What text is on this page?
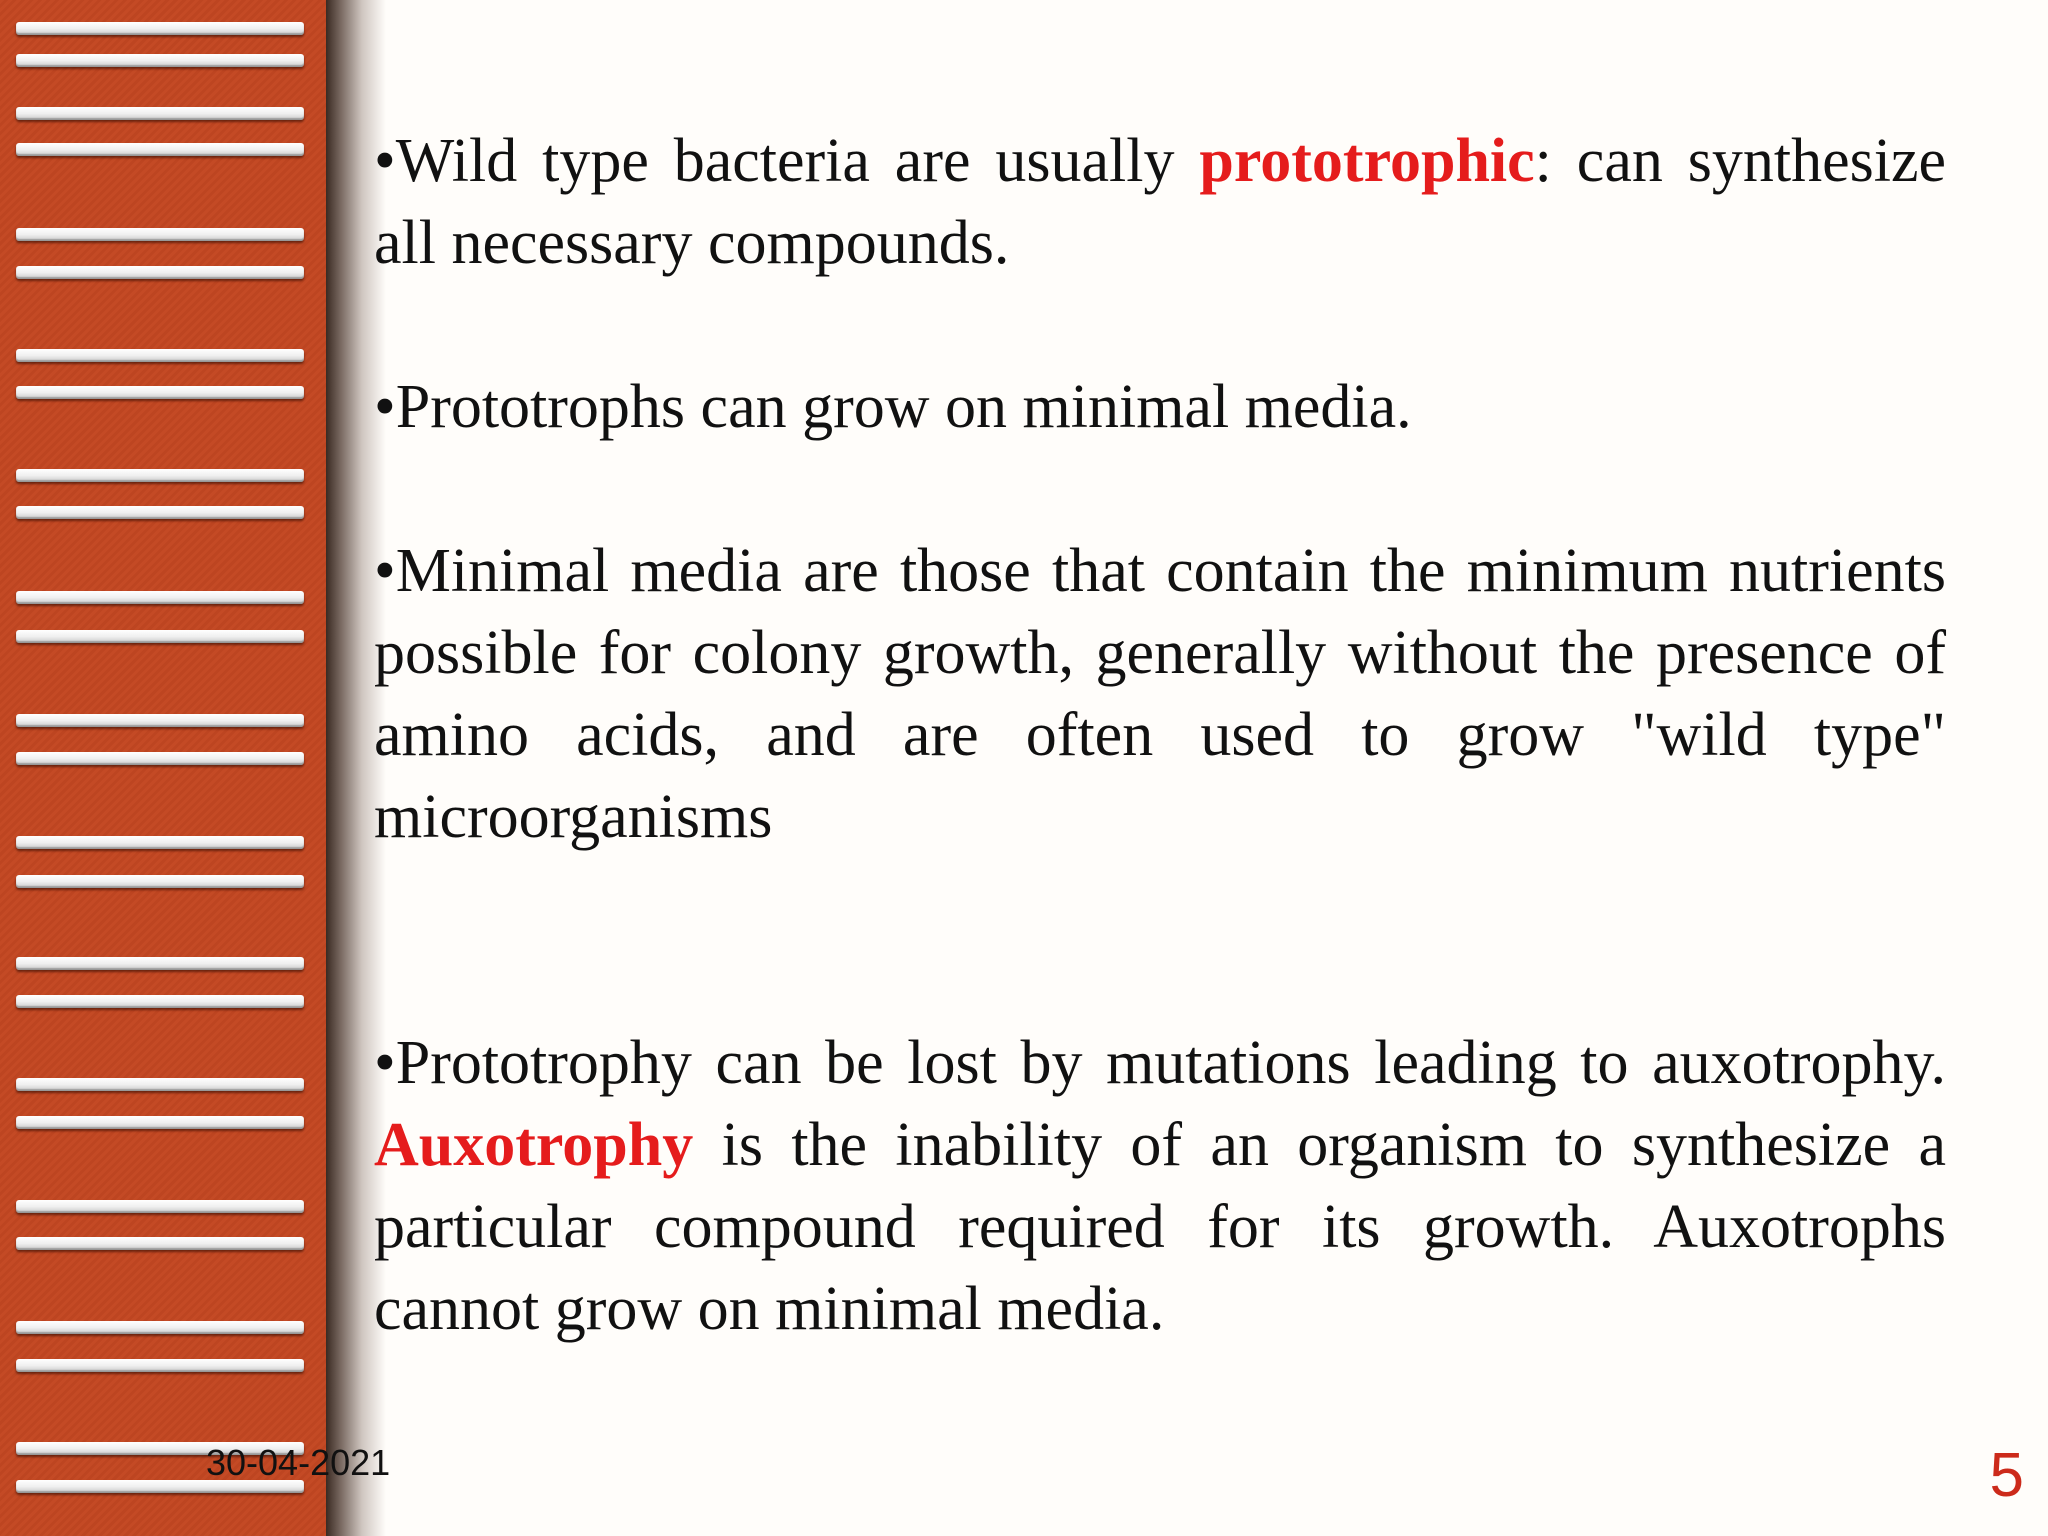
•Wild type bacteria are usually prototrophic: can synthesize all necessary compounds.

•Prototrophs can grow on minimal media.

•Minimal media are those that contain the minimum nutrients possible for colony growth, generally without the presence of amino acids, and are often used to grow "wild type" microorganisms

•Prototrophy can be lost by mutations leading to auxotrophy.   Auxotrophy is the inability of an organism to synthesize a particular compound required for its growth. Auxotrophs cannot grow on minimal media.

30-04-2021	5
